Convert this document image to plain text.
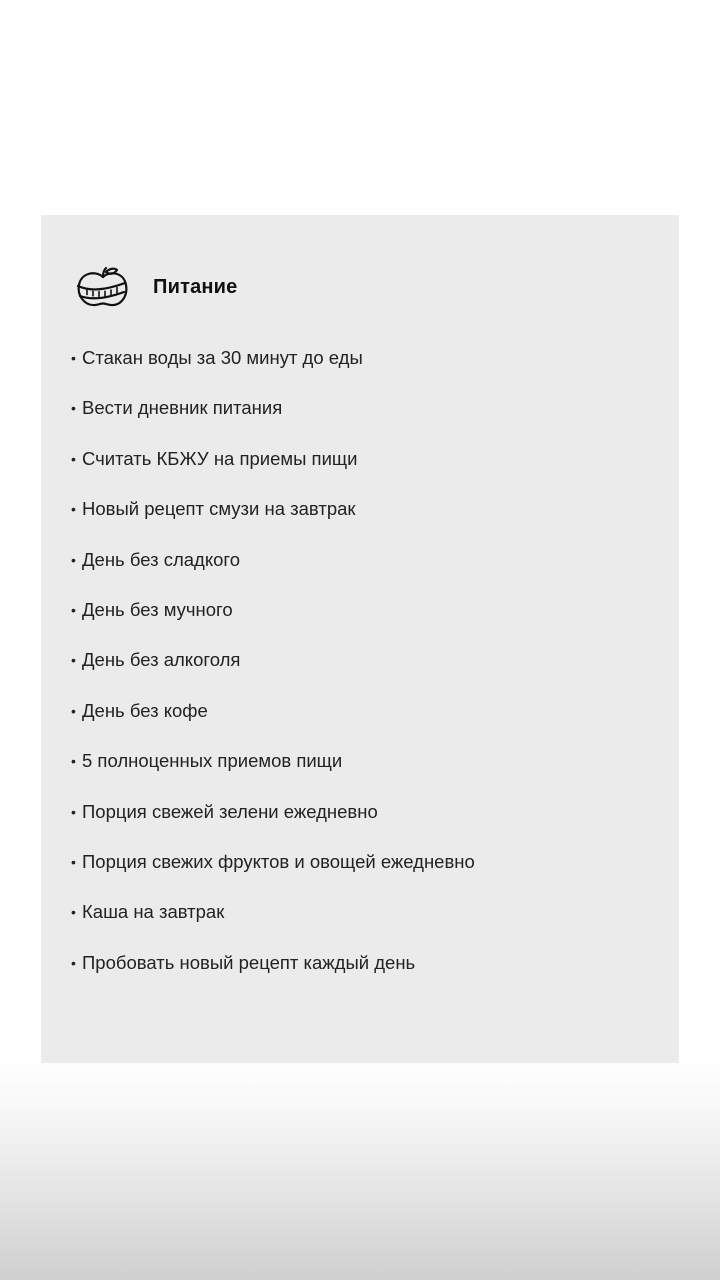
Питание
• Стакан воды за 30 минут до еды
• Вести дневник питания
• Считать КБЖУ на приемы пищи
• Новый рецепт смузи на завтрак
• День без сладкого
• День без мучного
• День без алкоголя
• День без кофе
• 5 полноценных приемов пищи
• Порция свежей зелени ежедневно
• Порция свежих фруктов и овощей ежедневно
• Каша на завтрак
• Пробовать новый рецепт каждый день
